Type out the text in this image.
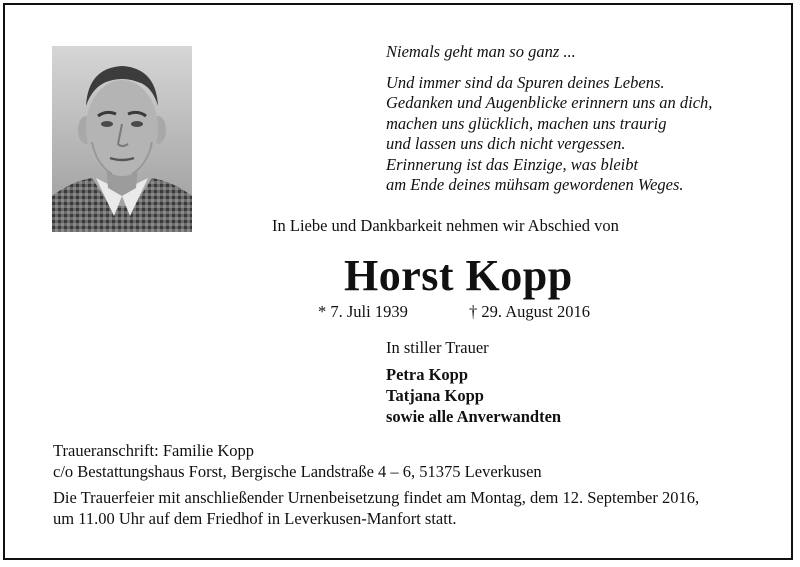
Niemals geht man so ganz ...
Und immer sind da Spuren deines Lebens.
Gedanken und Augenblicke erinnern uns an dich,
machen uns glücklich, machen uns traurig
und lassen uns dich nicht vergessen.
Erinnerung ist das Einzige, was bleibt
am Ende deines mühsam gewordenen Weges.
In Liebe und Dankbarkeit nehmen wir Abschied von
Horst Kopp
* 7. Juli 1939	† 29. August 2016
In stiller Trauer
Petra Kopp
Tatjana Kopp
sowie alle Anverwandten
Traueranschrift: Familie Kopp
c/o Bestattungshaus Forst, Bergische Landstraße 4 – 6, 51375 Leverkusen
Die Trauerfeier mit anschließender Urnenbeisetzung findet am Montag, dem 12. September 2016,
um 11.00 Uhr auf dem Friedhof in Leverkusen-Manfort statt.
